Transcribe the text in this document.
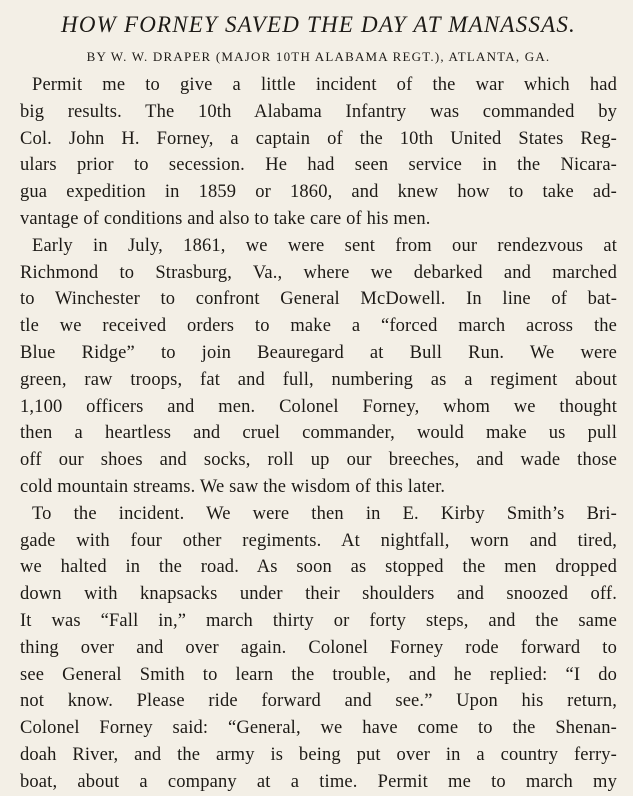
HOW FORNEY SAVED THE DAY AT MANASSAS.
BY W. W. DRAPER (MAJOR 10TH ALABAMA REGT.), ATLANTA, GA.

Permit me to give a little incident of the war which had
big results. The 10th Alabama Infantry was commanded by
Col. John H. Forney, a captain of the 10th United States Reg-
ulars prior to secession. He had seen service in the Nicara-
gua expedition in 1859 or 1860, and knew how to take ad-
vantage of conditions and also to take care of his men.

Early in July, 1861, we were sent from our rendezvous at
Richmond to Strasburg, Va., where we debarked and marched
to Winchester to confront General McDowell. In line of bat-
tle we received orders to make a “forced march across the
Blue Ridge” to join Beauregard at Bull Run. We were
green, raw troops, fat and full, numbering as a regiment about
1,100 officers and men. Colonel Forney, whom we thought
then a heartless and cruel commander, would make us pull
off our shoes and socks, roll up our breeches, and wade those
cold mountain streams. We saw the wisdom of this later.

To the incident. We were then in E. Kirby Smith’s Bri-
gade with four other regiments. At nightfall, worn and tired,
we halted in the road. As soon as stopped the men dropped
down with knapsacks under their shoulders and snoozed off.
It was “Fall in,” march thirty or forty steps, and the same
thing over and over again. Colonel Forney rode forward to
see General Smith to learn the trouble, and he replied: “I do
not know. Please ride forward and see.” Upon his return,
Colonel Forney said: “General, we have come to the Shenan-
doah River, and the army is being put over in a country ferry-
boat, about a company at a time. Permit me to march my
